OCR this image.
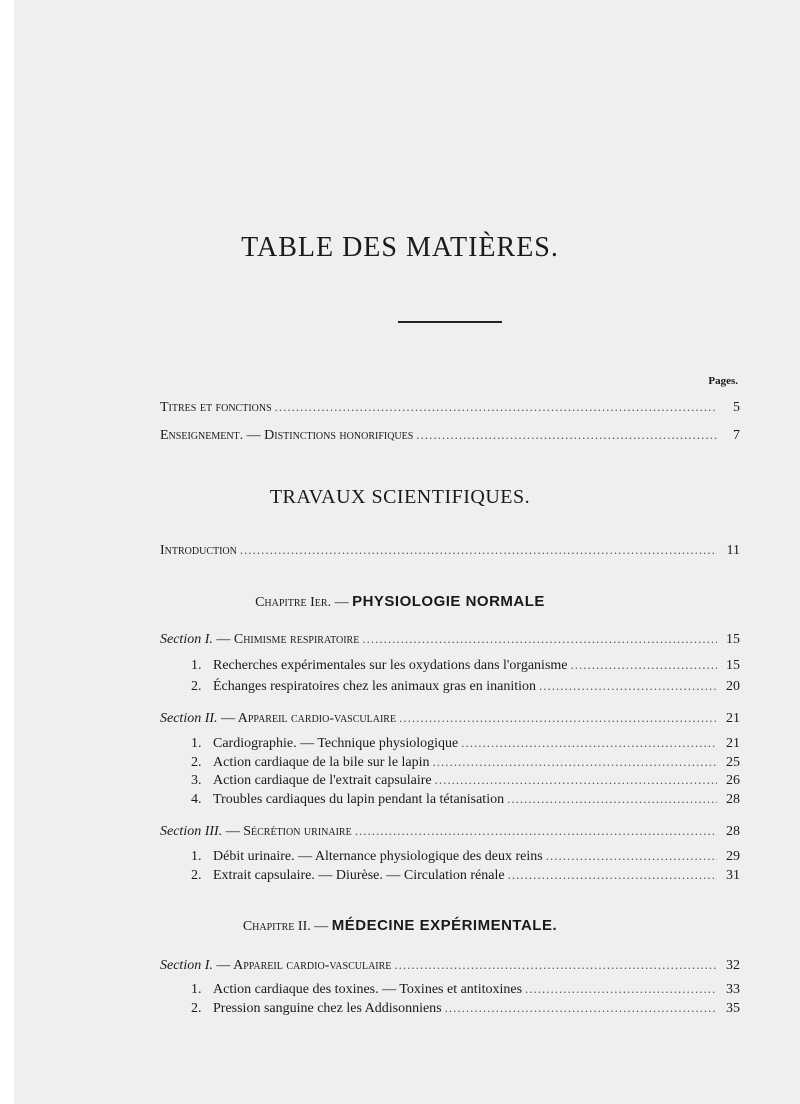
TABLE DES MATIÈRES.
Pages.
Titres et fonctions .....	5
Enseignement. — Distinctions honorifiques .....	7
TRAVAUX SCIENTIFIQUES.
Introduction .....	11
Chapitre Ier. — PHYSIOLOGIE NORMALE
Section I. — Chimisme respiratoire .....	15
1. Recherches expérimentales sur les oxydations dans l'organisme .....	15
2. Échanges respiratoires chez les animaux gras en inanition .....	20
Section II. — Appareil cardio-vasculaire .....	21
1. Cardiographie. — Technique physiologique .....	21
2. Action cardiaque de la bile sur le lapin .....	25
3. Action cardiaque de l'extrait capsulaire .....	26
4. Troubles cardiaques du lapin pendant la tétanisation .....	28
Section III. — Sécrétion urinaire .....	28
1. Débit urinaire. — Alternance physiologique des deux reins .....	29
2. Extrait capsulaire. — Diurèse. — Circulation rénale .....	31
Chapitre II. — MÉDECINE EXPÉRIMENTALE.
Section I. — Appareil cardio-vasculaire .....	32
1. Action cardiaque des toxines. — Toxines et antitoxines .....	33
2. Pression sanguine chez les Addisonniens .....	35
